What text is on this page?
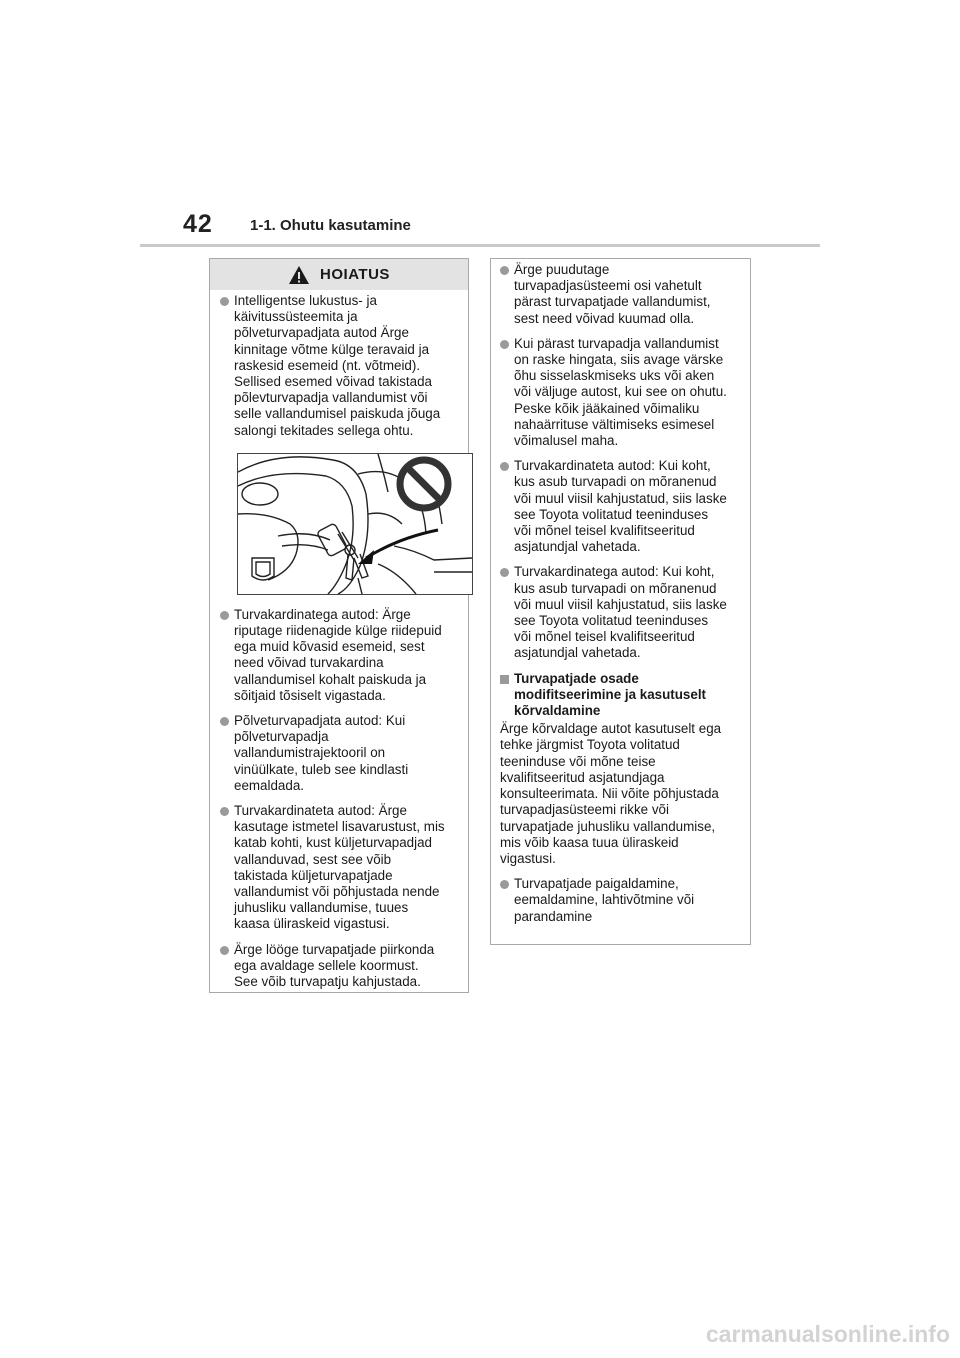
42 1-1. Ohutu kasutamine
HOIATUS
Intelligentse lukustus- ja
käivitussüsteemita ja
põlveturvapadjata autod Ärge
kinnitage võtme külge teravaid ja
raskesid esemeid (nt. võtmeid).
Sellised esemed võivad takistada
põlevturvapadja vallandumist või
selle vallandumisel paiskuda jõuga
salongi tekitades sellega ohtu.
Turvakardinatega autod: Ärge
riputage riidenagide külge riidepuid
ega muid kõvasid esemeid, sest
need võivad turvakardina
vallandumisel kohalt paiskuda ja
sõitjaid tõsiselt vigastada.
Põlveturvapadjata autod: Kui
põlveturvapadja
vallandumistrajektooril on
vinüülkate, tuleb see kindlasti
eemaldada.
Turvakardinateta autod: Ärge
kasutage istmetel lisavarustust, mis
katab kohti, kust küljeturvapadjad
vallanduvad, sest see võib
takistada küljeturvapatjade
vallandumist või põhjustada nende
juhusliku vallandumise, tuues
kaasa üliraskeid vigastusi.
Ärge lööge turvapatjade piirkonda
ega avaldage sellele koormust.
See võib turvapatju kahjustada.
Ärge puudutage
turvapadjasüsteemi osi vahetult
pärast turvapatjade vallandumist,
sest need võivad kuumad olla.
Kui pärast turvapadja vallandumist
on raske hingata, siis avage värske
õhu sisselaskmiseks uks või aken
või väljuge autost, kui see on ohutu.
Peske kõik jääkained võimaliku
nahaärrituse vältimiseks esimesel
võimalusel maha.
Turvakardinateta autod: Kui koht,
kus asub turvapadi on mõranenud
või muul viisil kahjustatud, siis laske
see Toyota volitatud teeninduses
või mõnel teisel kvalifitseeritud
asjatundjal vahetada.
Turvakardinatega autod: Kui koht,
kus asub turvapadi on mõranenud
või muul viisil kahjustatud, siis laske
see Toyota volitatud teeninduses
või mõnel teisel kvalifitseeritud
asjatundjal vahetada.
Turvapatjade osade
modifitseerimine ja kasutuselt
kõrvaldamine
Ärge kõrvaldage autot kasutuselt ega
tehke järgmist Toyota volitatud
teeninduse või mõne teise
kvalifitseeritud asjatundjaga
konsulteerimata. Nii võite põhjustada
turvapadjasüsteemi rikke või
turvapatjade juhusliku vallandumise,
mis võib kaasa tuua üliraskeid
vigastusi.
Turvapatjade paigaldamine,
eemaldamine, lahtivõtmine või
parandamine
carmanualsonline.info
